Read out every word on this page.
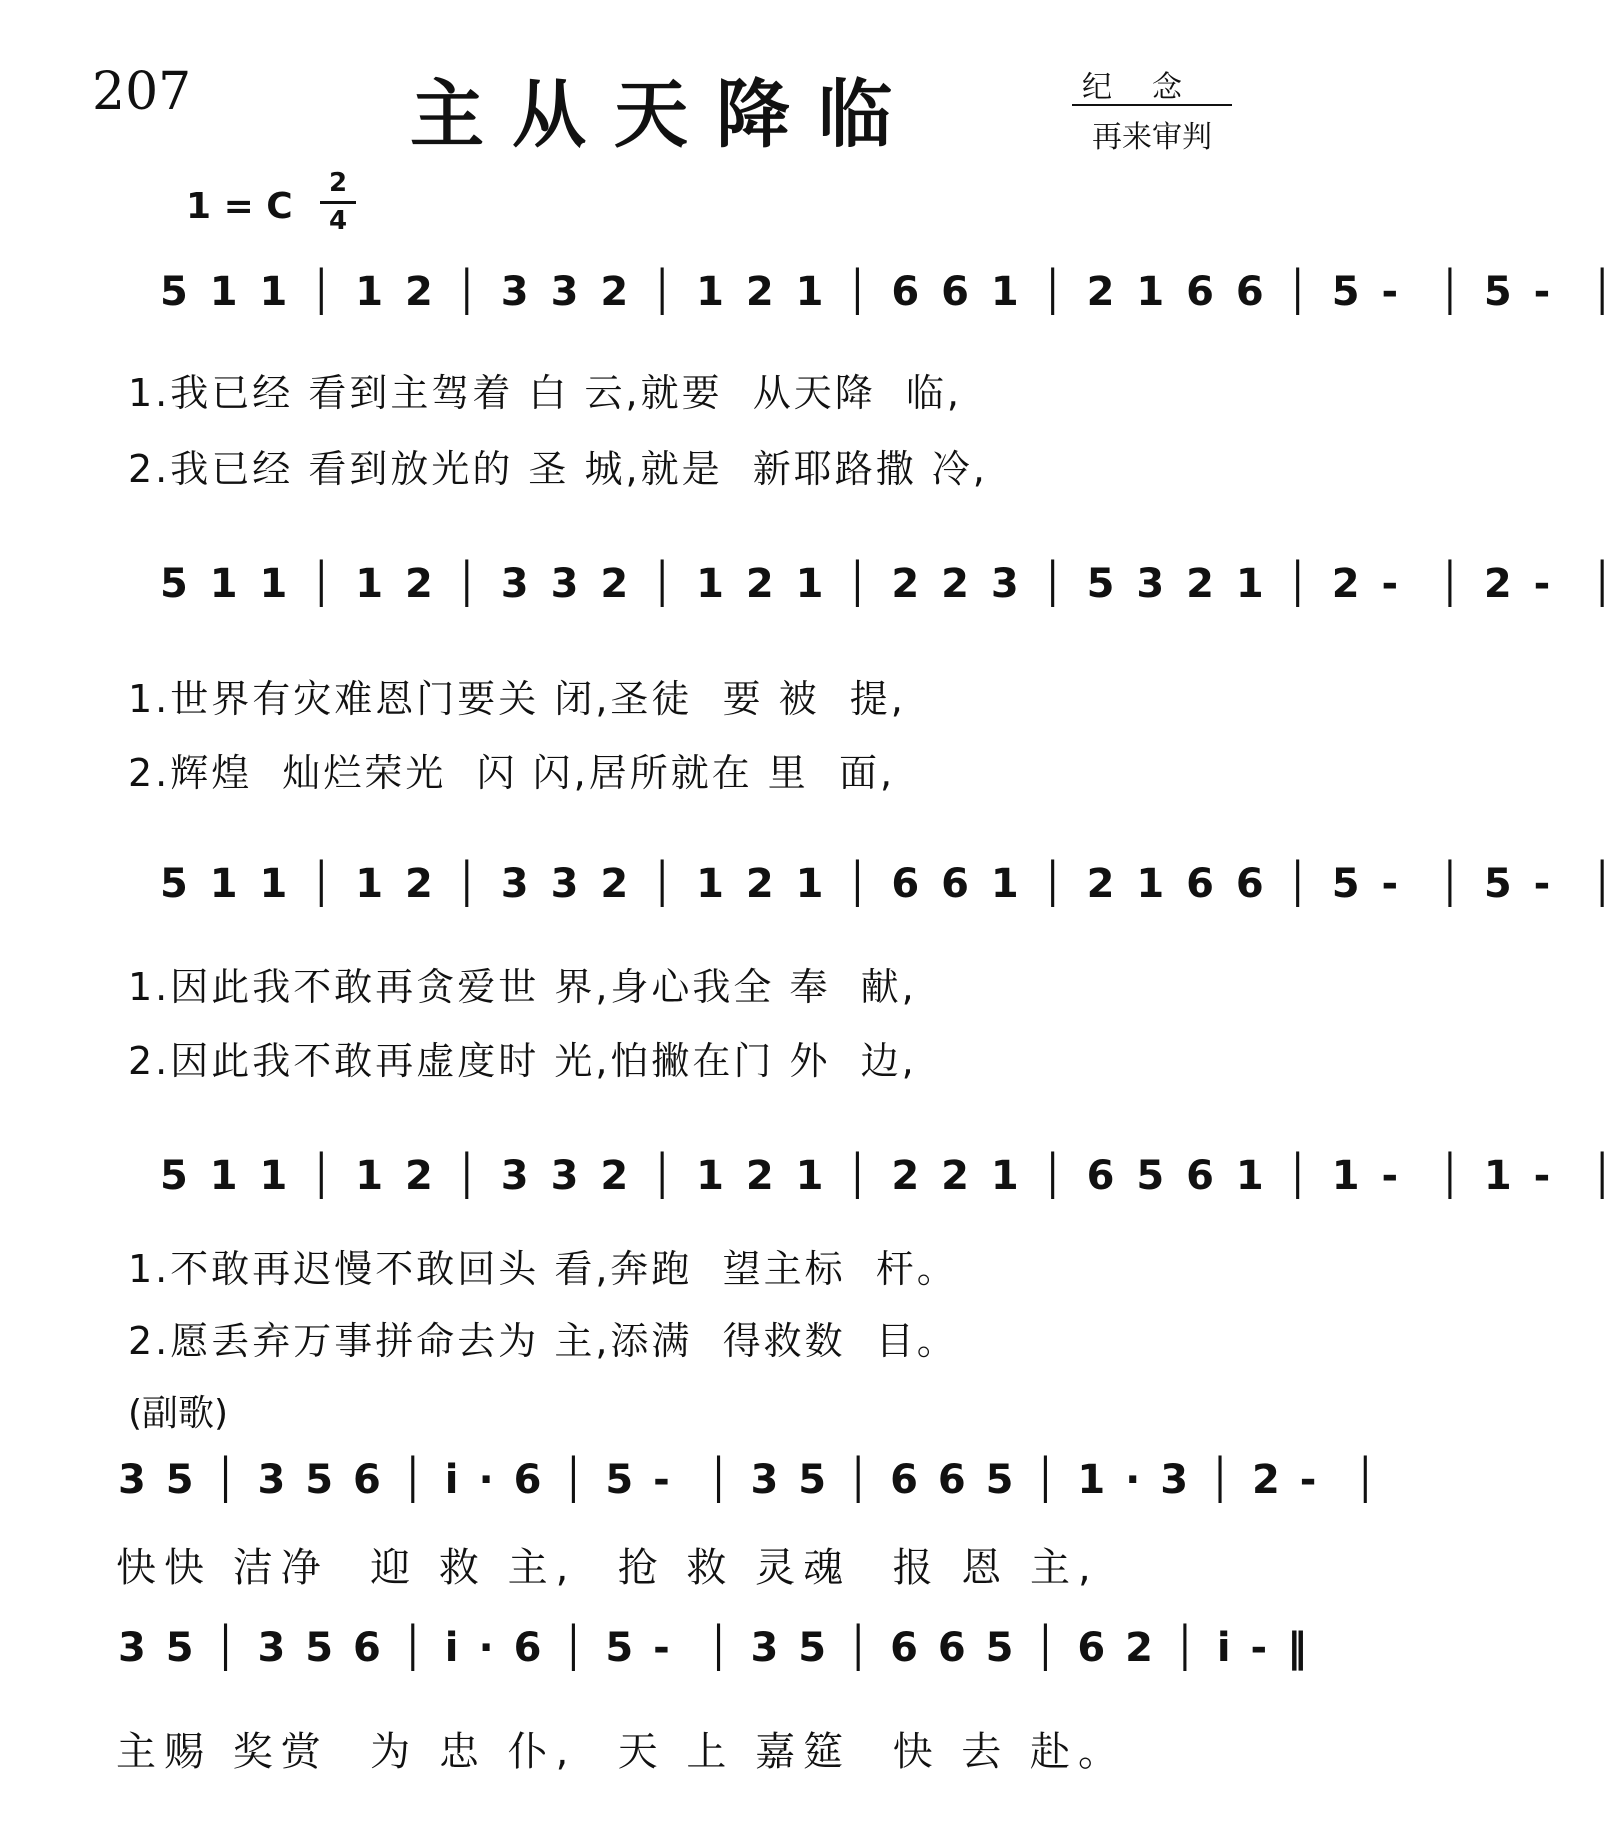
207	主从天降临	纪念
再来审判
1 = C
2
4
5 1 1 │ 1 2 │ 3 3 2 │ 1 2 1 │ 6 6 1 │ 2 1 6 6 │ 5 -  │ 5 -  │
1.我已经 看到主驾着 白 云,就要  从天降  临,
2.我已经 看到放光的 圣 城,就是  新耶路撒 冷,
5 1 1 │ 1 2 │ 3 3 2 │ 1 2 1 │ 2 2 3 │ 5 3 2 1 │ 2 -  │ 2 -  │
1.世界有灾难恩门要关 闭,圣徒  要 被  提,
2.辉煌  灿烂荣光  闪 闪,居所就在 里  面,
5 1 1 │ 1 2 │ 3 3 2 │ 1 2 1 │ 6 6 1 │ 2 1 6 6 │ 5 -  │ 5 -  │
1.因此我不敢再贪爱世 界,身心我全 奉  献,
2.因此我不敢再虚度时 光,怕撇在门 外  边,
5 1 1 │ 1 2 │ 3 3 2 │ 1 2 1 │ 2 2 1 │ 6 5 6 1 │ 1 -  │ 1 -  │
1.不敢再迟慢不敢回头 看,奔跑  望主标  杆。
2.愿丢弃万事拼命去为 主,添满  得救数  目。
(副歌)
3 5 │ 3 5 6 │ i · 6 │ 5 -  │ 3 5 │ 6 6 5 │ 1 · 3 │ 2 -  │
快快 洁净  迎 救 主,  抢 救 灵魂  报 恩 主,
3 5 │ 3 5 6 │ i · 6 │ 5 -  │ 3 5 │ 6 6 5 │ 6 2 │ i - ‖
主赐 奖赏  为 忠 仆,  天 上 嘉筵  快 去 赴。
